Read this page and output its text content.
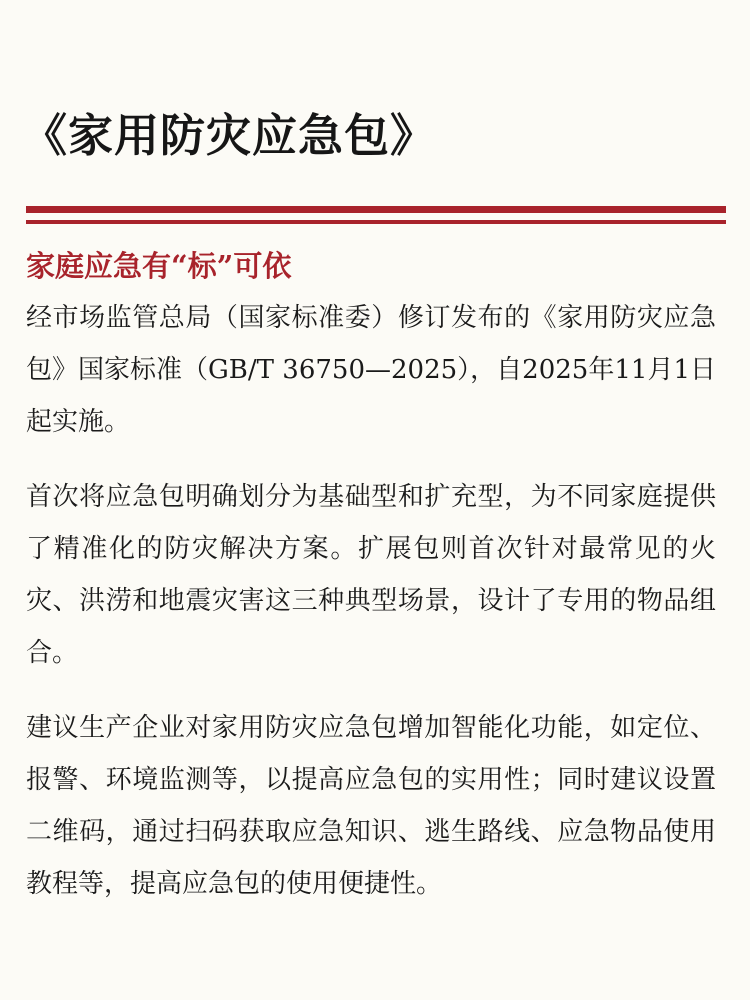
《家用防灾应急包》
家庭应急有“标”可依

经市场监管总局（国家标准委）修订发布的《家用防灾应急包》国家标准（GB/T 36750—2025），自2025年11月1日起实施。

首次将应急包明确划分为基础型和扩充型，为不同家庭提供了精准化的防灾解决方案。扩展包则首次针对最常见的火灾、洪涝和地震灾害这三种典型场景，设计了专用的物品组合。

建议生产企业对家用防灾应急包增加智能化功能，如定位、报警、环境监测等，以提高应急包的实用性；同时建议设置二维码，通过扫码获取应急知识、逃生路线、应急物品使用教程等，提高应急包的使用便捷性。
